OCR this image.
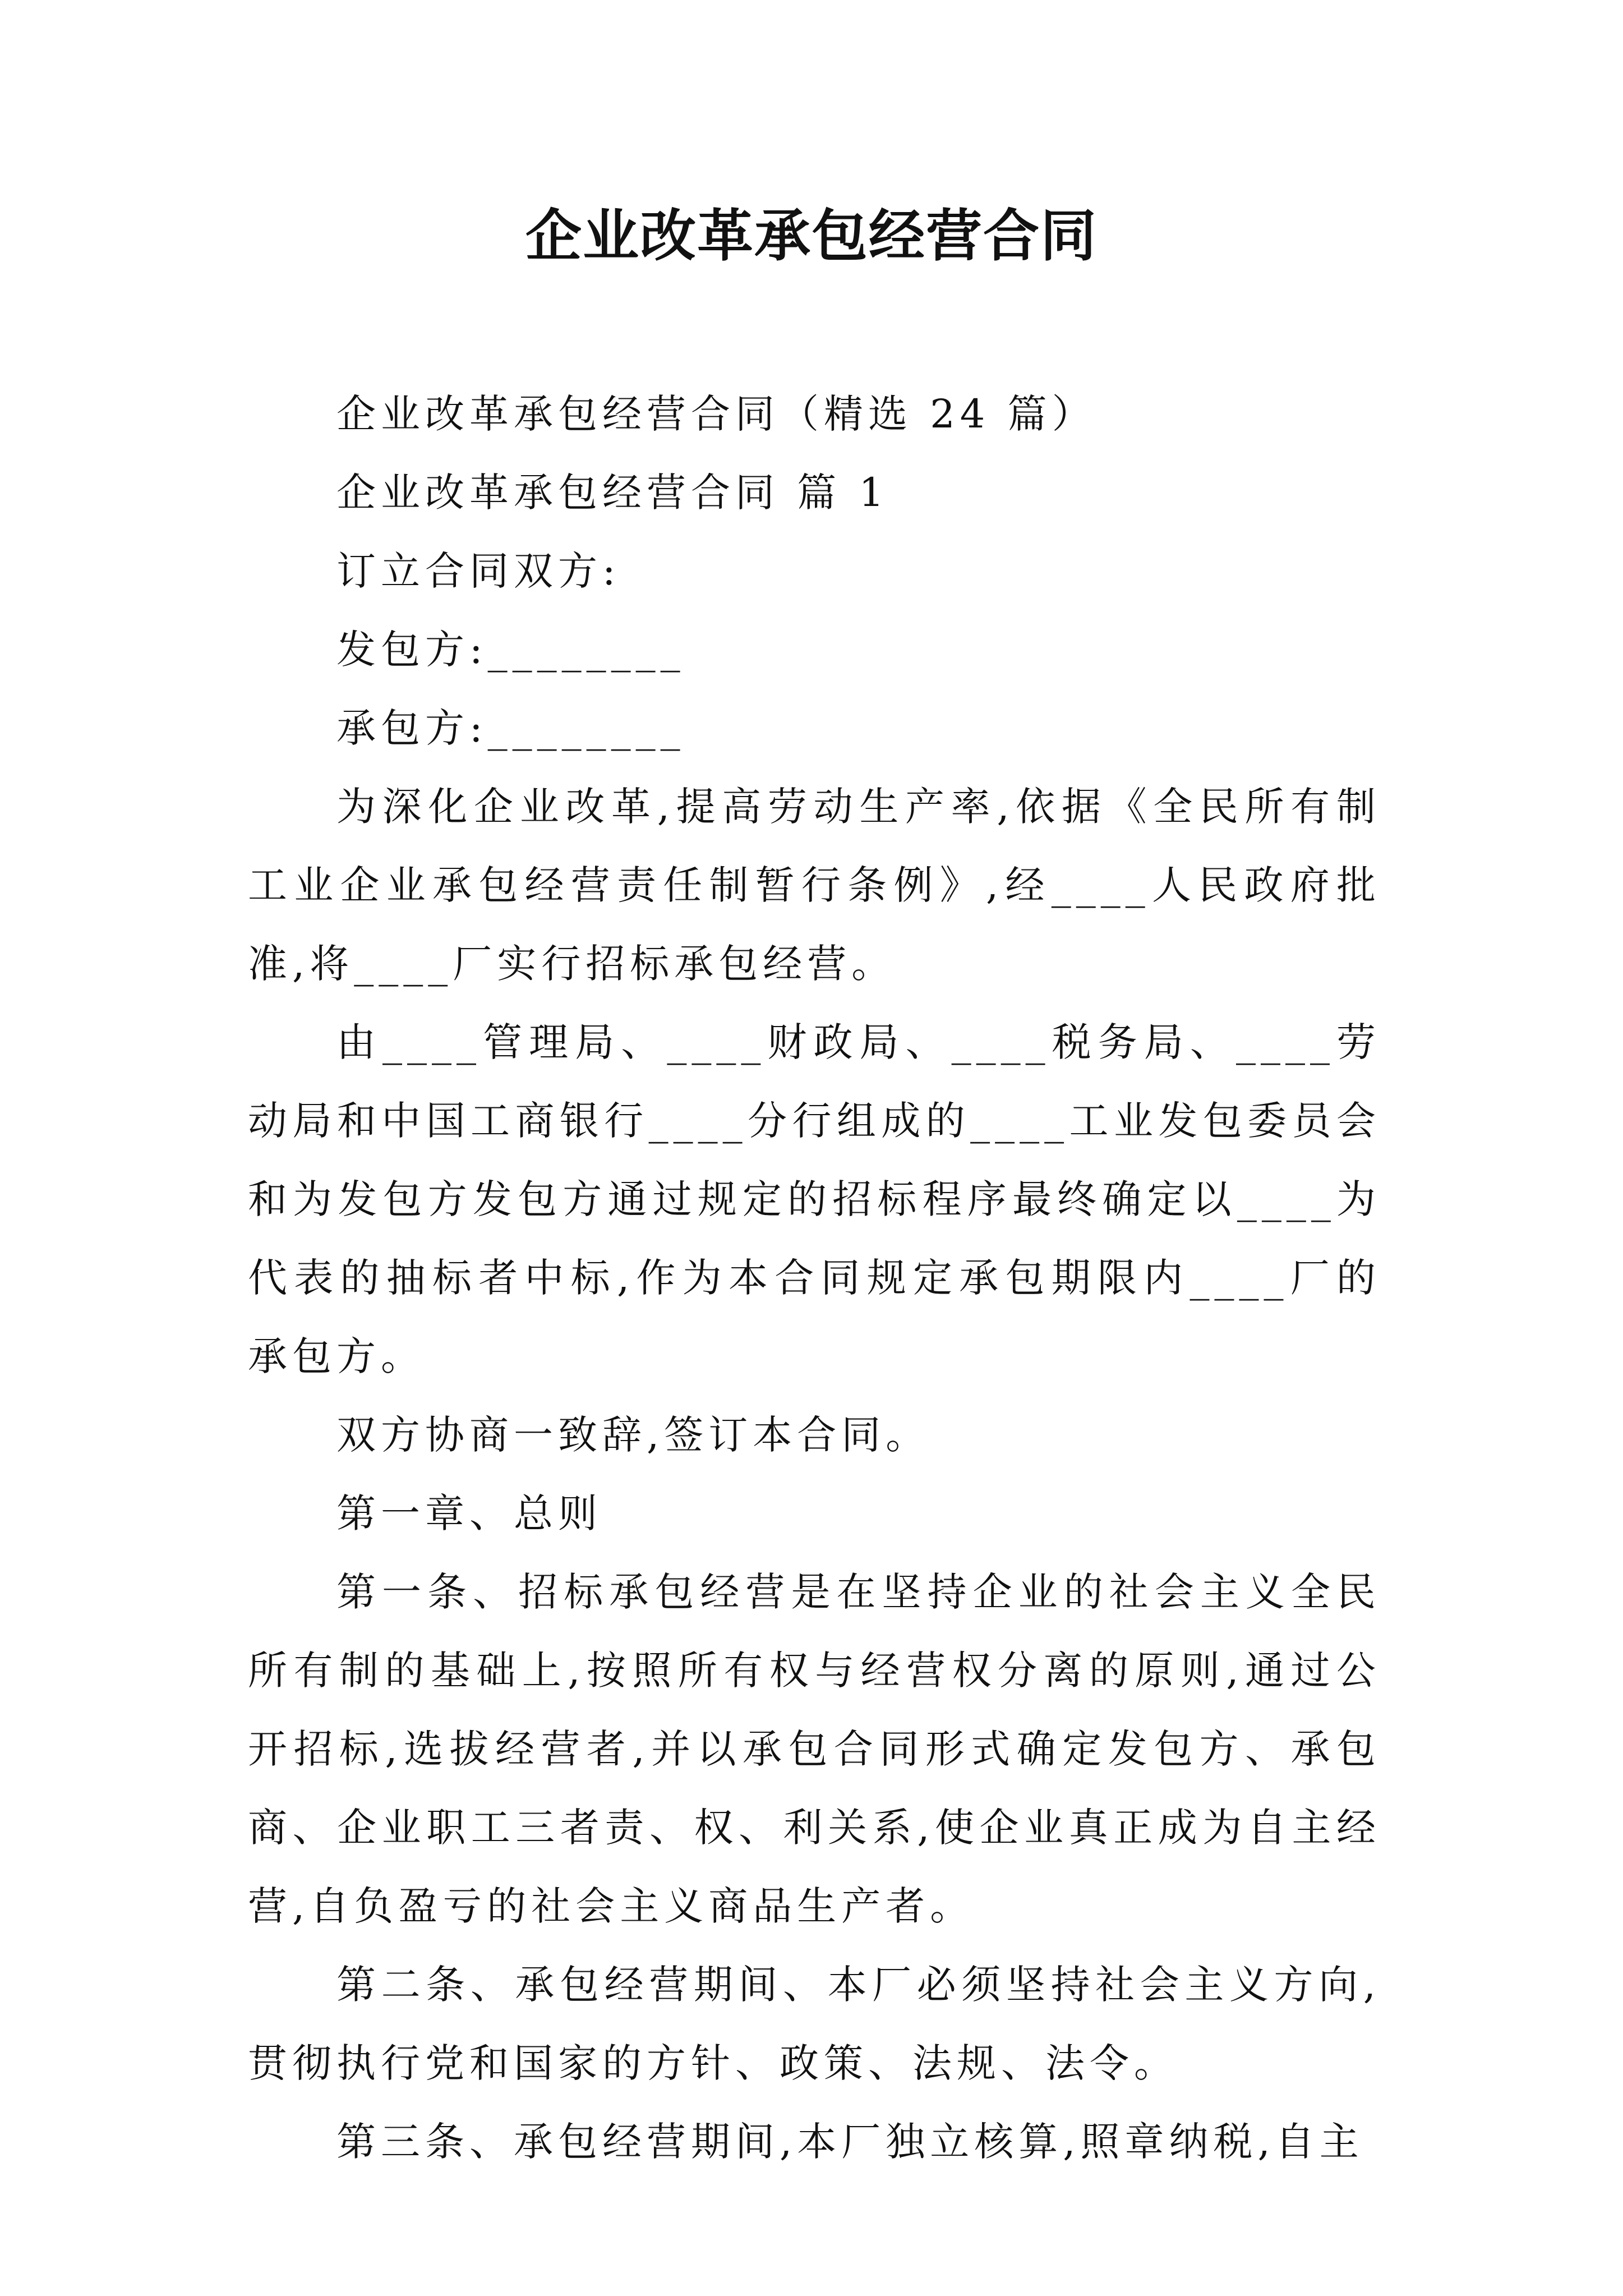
企业改革承包经营合同

企业改革承包经营合同（精选 24 篇）

企业改革承包经营合同 篇 1

订立合同双方:

发包方:________

承包方:________

为深化企业改革,提高劳动生产率,依据《全民所有制工业企业承包经营责任制暂行条例》,经____人民政府批准,将____厂实行招标承包经营。

由____管理局、____财政局、____税务局、____劳动局和中国工商银行____分行组成的____工业发包委员会和为发包方发包方通过规定的招标程序最终确定以____为代表的抽标者中标,作为本合同规定承包期限内____厂的承包方。

双方协商一致辞,签订本合同。

第一章、总则

第一条、招标承包经营是在坚持企业的社会主义全民所有制的基础上,按照所有权与经营权分离的原则,通过公开招标,选拔经营者,并以承包合同形式确定发包方、承包商、企业职工三者责、权、利关系,使企业真正成为自主经营,自负盈亏的社会主义商品生产者。

第二条、承包经营期间、本厂必须坚持社会主义方向,贯彻执行党和国家的方针、政策、法规、法令。

第三条、承包经营期间,本厂独立核算,照章纳税,自主
